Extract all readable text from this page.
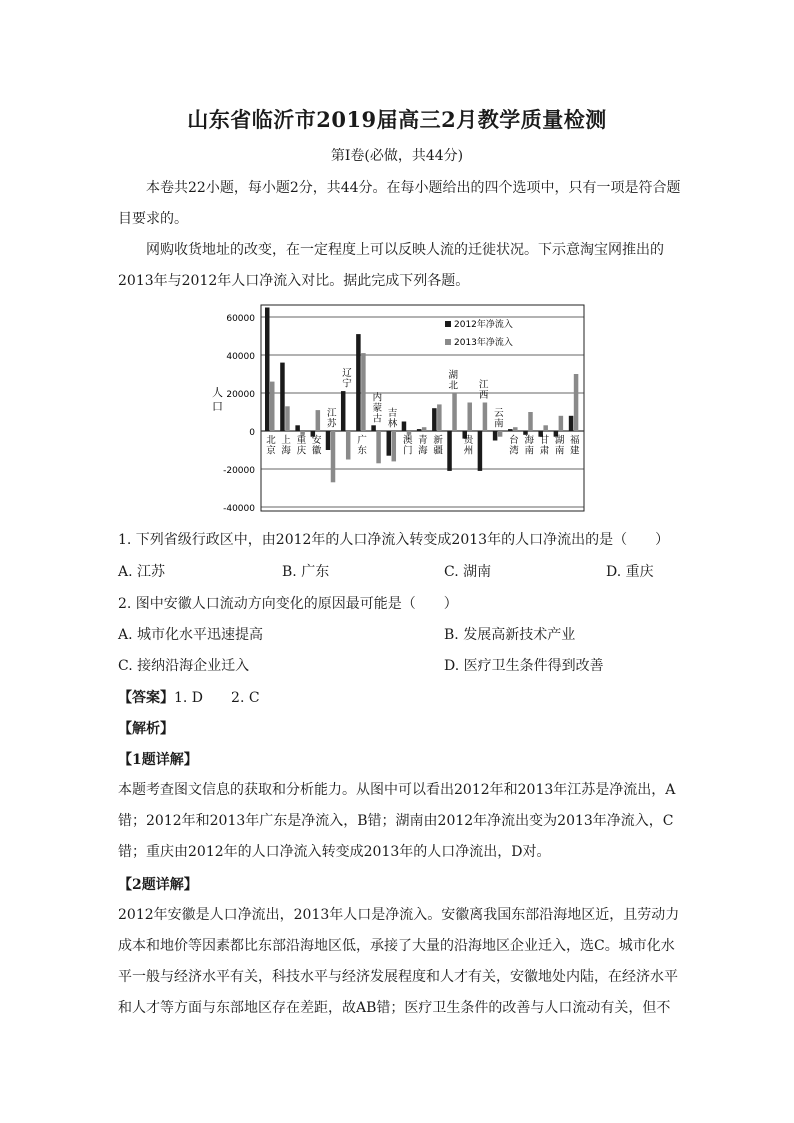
山东省临沂市2019届高三2月教学质量检测
第Ⅰ卷(必做，共44分)
本卷共22小题，每小题2分，共44分。在每小题给出的四个选项中，只有一项是符合题目要求的。
网购收货地址的改变，在一定程度上可以反映人流的迁徙状况。下示意淘宝网推出的2013年与2012年人口净流入对比。据此完成下列各题。
60000
40000
20000
0
-20000
-40000
北京
上海
重庆
安徽
江苏
辽宁
广东
内蒙古 吉林
澳门
青海
新疆
湖北
贵州
江西
云南
台湾
海南
甘肃
湖南
福建
人
口
2012年净流入
2013年净流入
1. 下列省级行政区中，由2012年的人口净流入转变成2013年的人口净流出的是（　　）
A. 江苏	B. 广东	C. 湖南	D. 重庆
2. 图中安徽人口流动方向变化的原因最可能是（　　）
A. 城市化水平迅速提高	B. 发展高新技术产业
C. 接纳沿海企业迁入	D. 医疗卫生条件得到改善
【答案】1. D　　2. C
【解析】
【1题详解】
本题考查图文信息的获取和分析能力。从图中可以看出2012年和2013年江苏是净流出，A错；2012年和2013年广东是净流入，B错；湖南由2012年净流出变为2013年净流入，C错；重庆由2012年的人口净流入转变成2013年的人口净流出，D对。
【2题详解】
2012年安徽是人口净流出，2013年人口是净流入。安徽离我国东部沿海地区近，且劳动力成本和地价等因素都比东部沿海地区低，承接了大量的沿海地区企业迁入，选C。城市化水平一般与经济水平有关，科技水平与经济发展程度和人才有关，安徽地处内陆，在经济水平和人才等方面与东部地区存在差距，故AB错；医疗卫生条件的改善与人口流动有关，但不
